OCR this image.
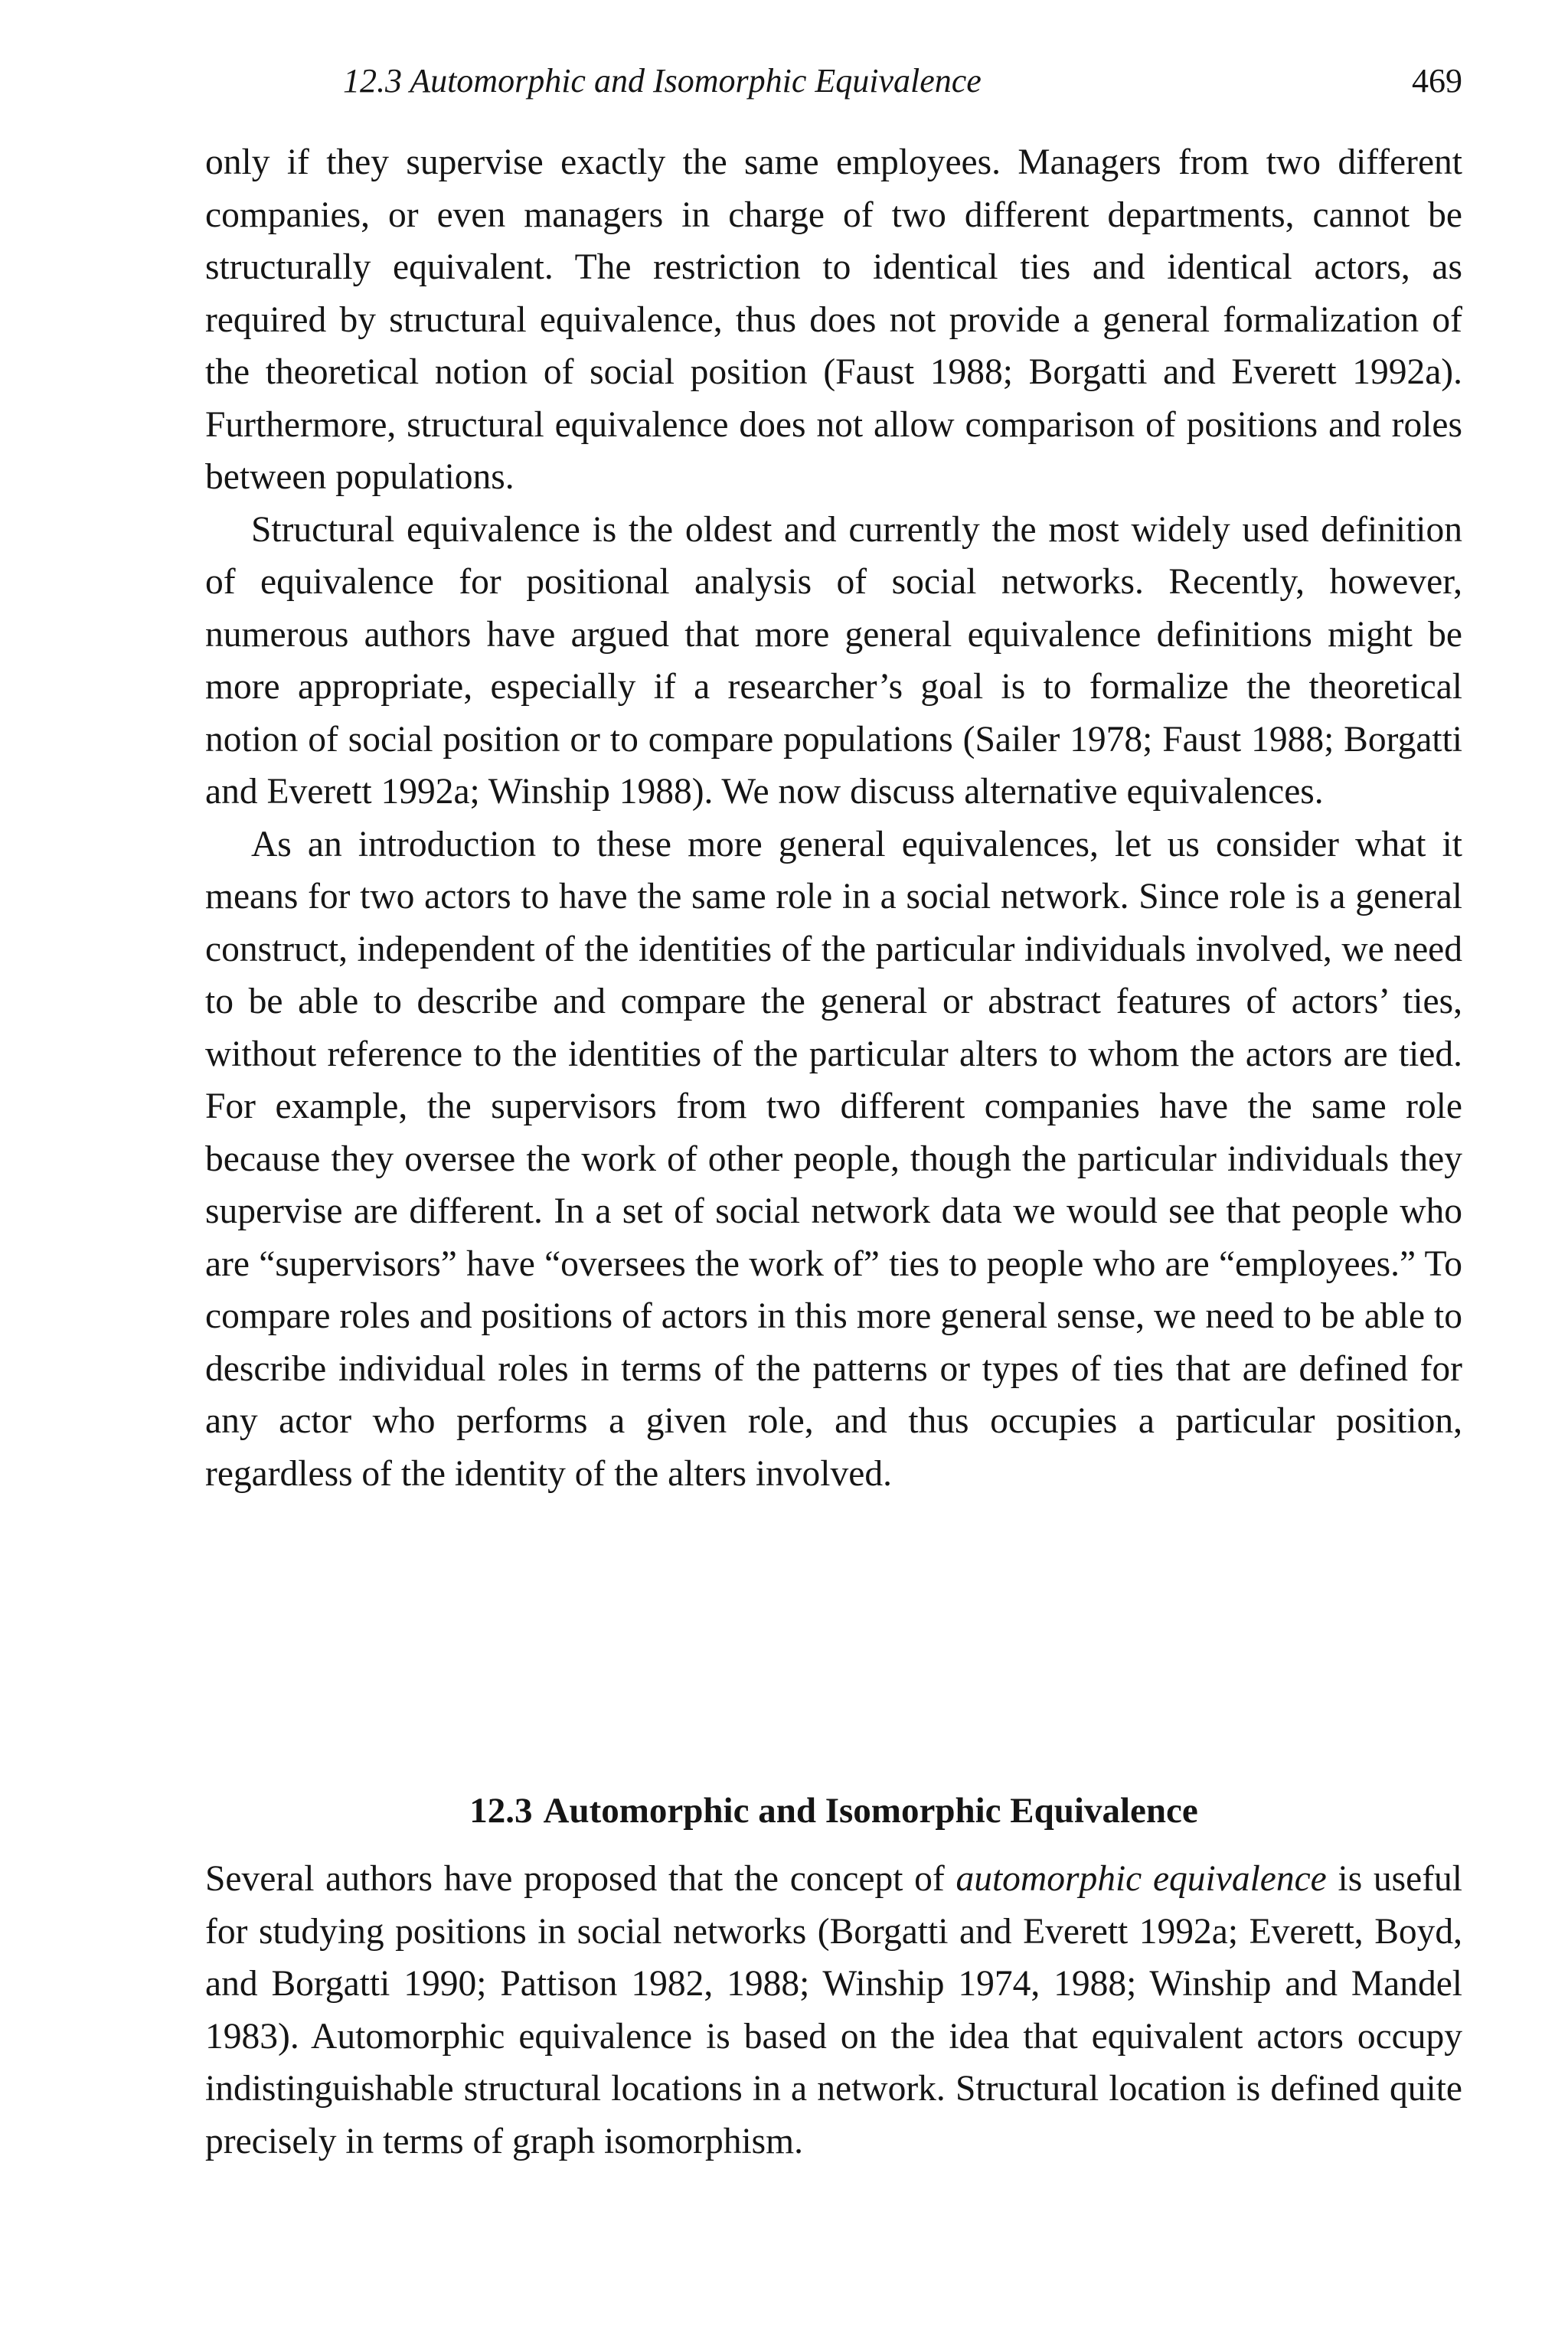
12.3 Automorphic and Isomorphic Equivalence	469

only if they supervise exactly the same employees. Managers from two different companies, or even managers in charge of two different departments, cannot be structurally equivalent. The restriction to identical ties and identical actors, as required by structural equivalence, thus does not provide a general formalization of the theoretical notion of social position (Faust 1988; Borgatti and Everett 1992a). Furthermore, structural equivalence does not allow comparison of positions and roles between populations.

Structural equivalence is the oldest and currently the most widely used definition of equivalence for positional analysis of social networks. Recently, however, numerous authors have argued that more general equivalence definitions might be more appropriate, especially if a researcher’s goal is to formalize the theoretical notion of social position or to compare populations (Sailer 1978; Faust 1988; Borgatti and Everett 1992a; Winship 1988). We now discuss alternative equivalences.

As an introduction to these more general equivalences, let us consider what it means for two actors to have the same role in a social network. Since role is a general construct, independent of the identities of the particular individuals involved, we need to be able to describe and compare the general or abstract features of actors’ ties, without reference to the identities of the particular alters to whom the actors are tied. For example, the supervisors from two different companies have the same role because they oversee the work of other people, though the particular individuals they supervise are different. In a set of social network data we would see that people who are “supervisors” have “oversees the work of” ties to people who are “employees.” To compare roles and positions of actors in this more general sense, we need to be able to describe individual roles in terms of the patterns or types of ties that are defined for any actor who performs a given role, and thus occupies a particular position, regardless of the identity of the alters involved.

12.3 Automorphic and Isomorphic Equivalence

Several authors have proposed that the concept of automorphic equivalence is useful for studying positions in social networks (Borgatti and Everett 1992a; Everett, Boyd, and Borgatti 1990; Pattison 1982, 1988; Winship 1974, 1988; Winship and Mandel 1983). Automorphic equivalence is based on the idea that equivalent actors occupy indistinguishable structural locations in a network. Structural location is defined quite precisely in terms of graph isomorphism.
